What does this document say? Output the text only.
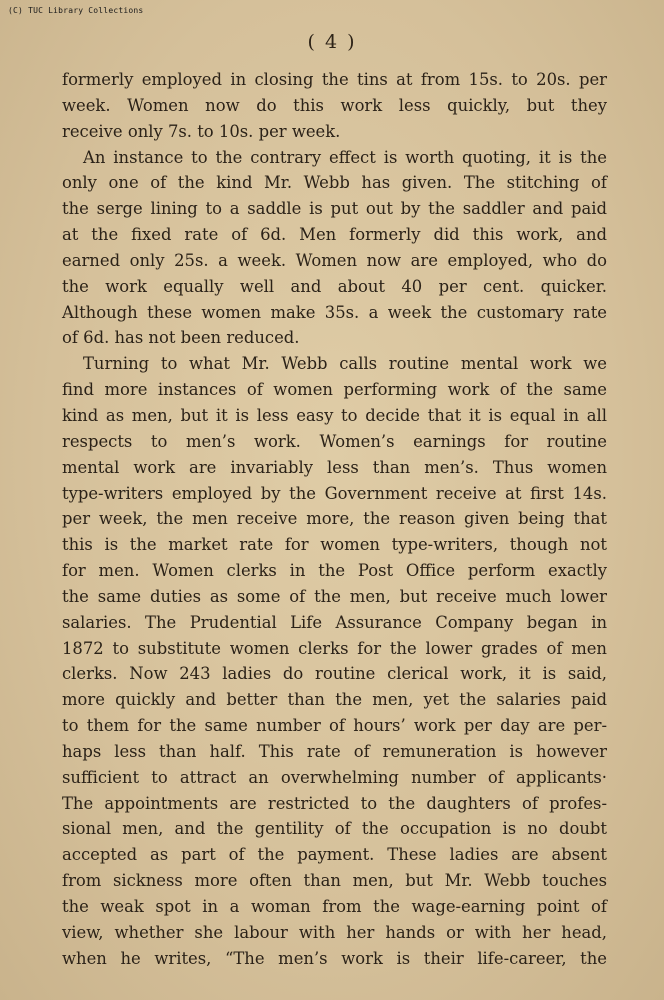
(C) TUC Library Collections
( 4 )
formerly employed in closing the tins at from 15s. to 20s. per
week. Women now do this work less quickly, but they
receive only 7s. to 10s. per week.
An instance to the contrary effect is worth quoting, it is the
only one of the kind Mr. Webb has given. The stitching of
the serge lining to a saddle is put out by the saddler and paid
at the fixed rate of 6d. Men formerly did this work, and
earned only 25s. a week. Women now are employed, who do
the work equally well and about 40 per cent. quicker.
Although these women make 35s. a week the customary rate
of 6d. has not been reduced.
Turning to what Mr. Webb calls routine mental work we
find more instances of women performing work of the same
kind as men, but it is less easy to decide that it is equal in all
respects to men’s work. Women’s earnings for routine
mental work are invariably less than men’s. Thus women
type-writers employed by the Government receive at first 14s.
per week, the men receive more, the reason given being that
this is the market rate for women type-writers, though not
for men. Women clerks in the Post Office perform exactly
the same duties as some of the men, but receive much lower
salaries. The Prudential Life Assurance Company began in
1872 to substitute women clerks for the lower grades of men
clerks. Now 243 ladies do routine clerical work, it is said,
more quickly and better than the men, yet the salaries paid
to them for the same number of hours’ work per day are per-
haps less than half. This rate of remuneration is however
sufficient to attract an overwhelming number of applicants·
The appointments are restricted to the daughters of profes-
sional men, and the gentility of the occupation is no doubt
accepted as part of the payment. These ladies are absent
from sickness more often than men, but Mr. Webb touches
the weak spot in a woman from the wage-earning point of
view, whether she labour with her hands or with her head,
when he writes, “The men’s work is their life-career, the
